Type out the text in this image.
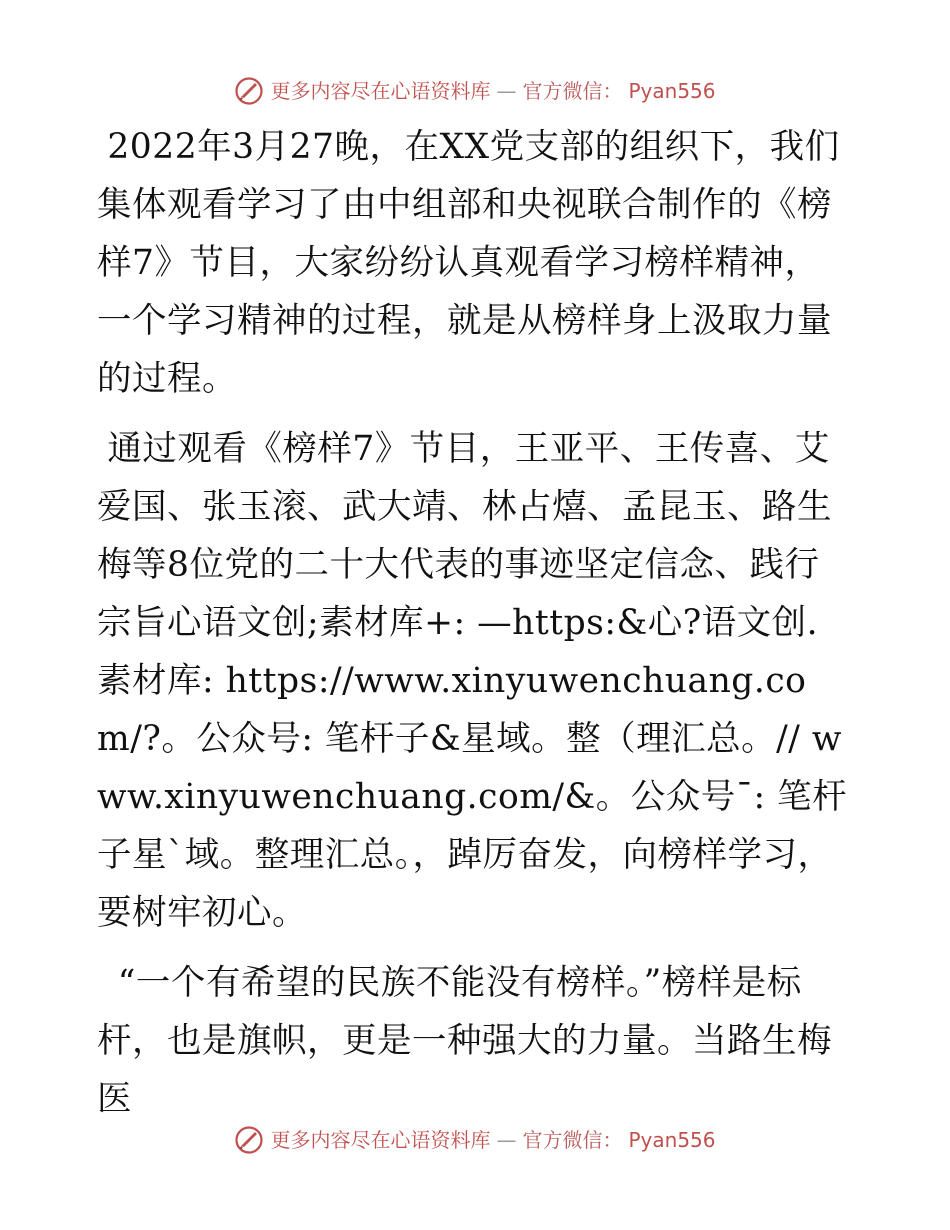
更多内容尽在心语资料库 — 官方微信： Pyan556

2022年3月27晚，在XX党支部的组织下，我们集体观看学习了由中组部和央视联合制作的《榜样7》节目，大家纷纷认真观看学习榜样精神，一个学习精神的过程，就是从榜样身上汲取力量的过程。

通过观看《榜样7》节目，王亚平、王传喜、艾爱国、张玉滚、武大靖、林占熺、孟昆玉、路生梅等8位党的二十大代表的事迹坚定信念、践行宗旨心语文创;素材库+: —https:&心?语文创.素材库: https://www.xinyuwenchuang.com/?。公众号: 笔杆子&星域。整（理汇总。// www.xinyuwenchuang.com/&。公众号¯: 笔杆子星`域。整理汇总。，踔厉奋发，向榜样学习，要树牢初心。

“一个有希望的民族不能没有榜样。”榜样是标杆，也是旗帜，更是一种强大的力量。当路生梅医

更多内容尽在心语资料库 — 官方微信： Pyan556
